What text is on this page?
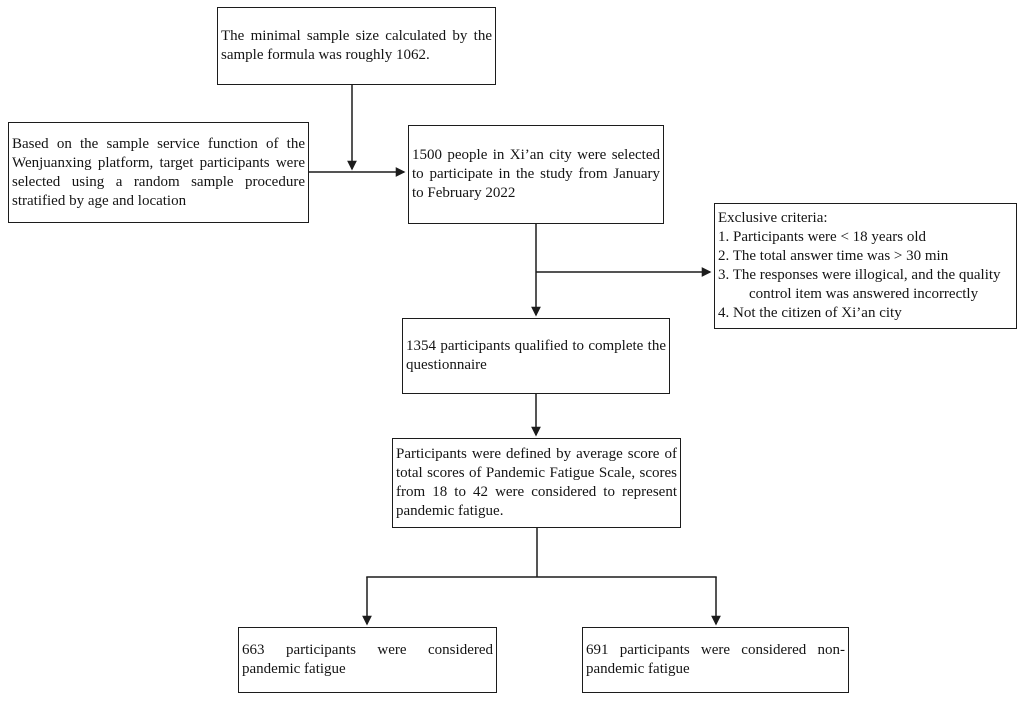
The minimal sample size calculated by the sample formula was roughly 1062.
Based on the sample service function of the Wenjuanxing platform, target participants were selected using a random sample procedure stratified by age and location
1500 people in Xi’an city were selected to participate in the study from January to February 2022
Exclusive criteria:
1. Participants were < 18 years old
2. The total answer time was > 30 min
3. The responses were illogical, and the quality control item was answered incorrectly
4. Not the citizen of Xi’an city
1354 participants qualified to complete the questionnaire
Participants were defined by average score of total scores of Pandemic Fatigue Scale, scores from 18 to 42 were considered to represent pandemic fatigue.
663 participants were considered pandemic fatigue
691 participants were considered non-pandemic fatigue
